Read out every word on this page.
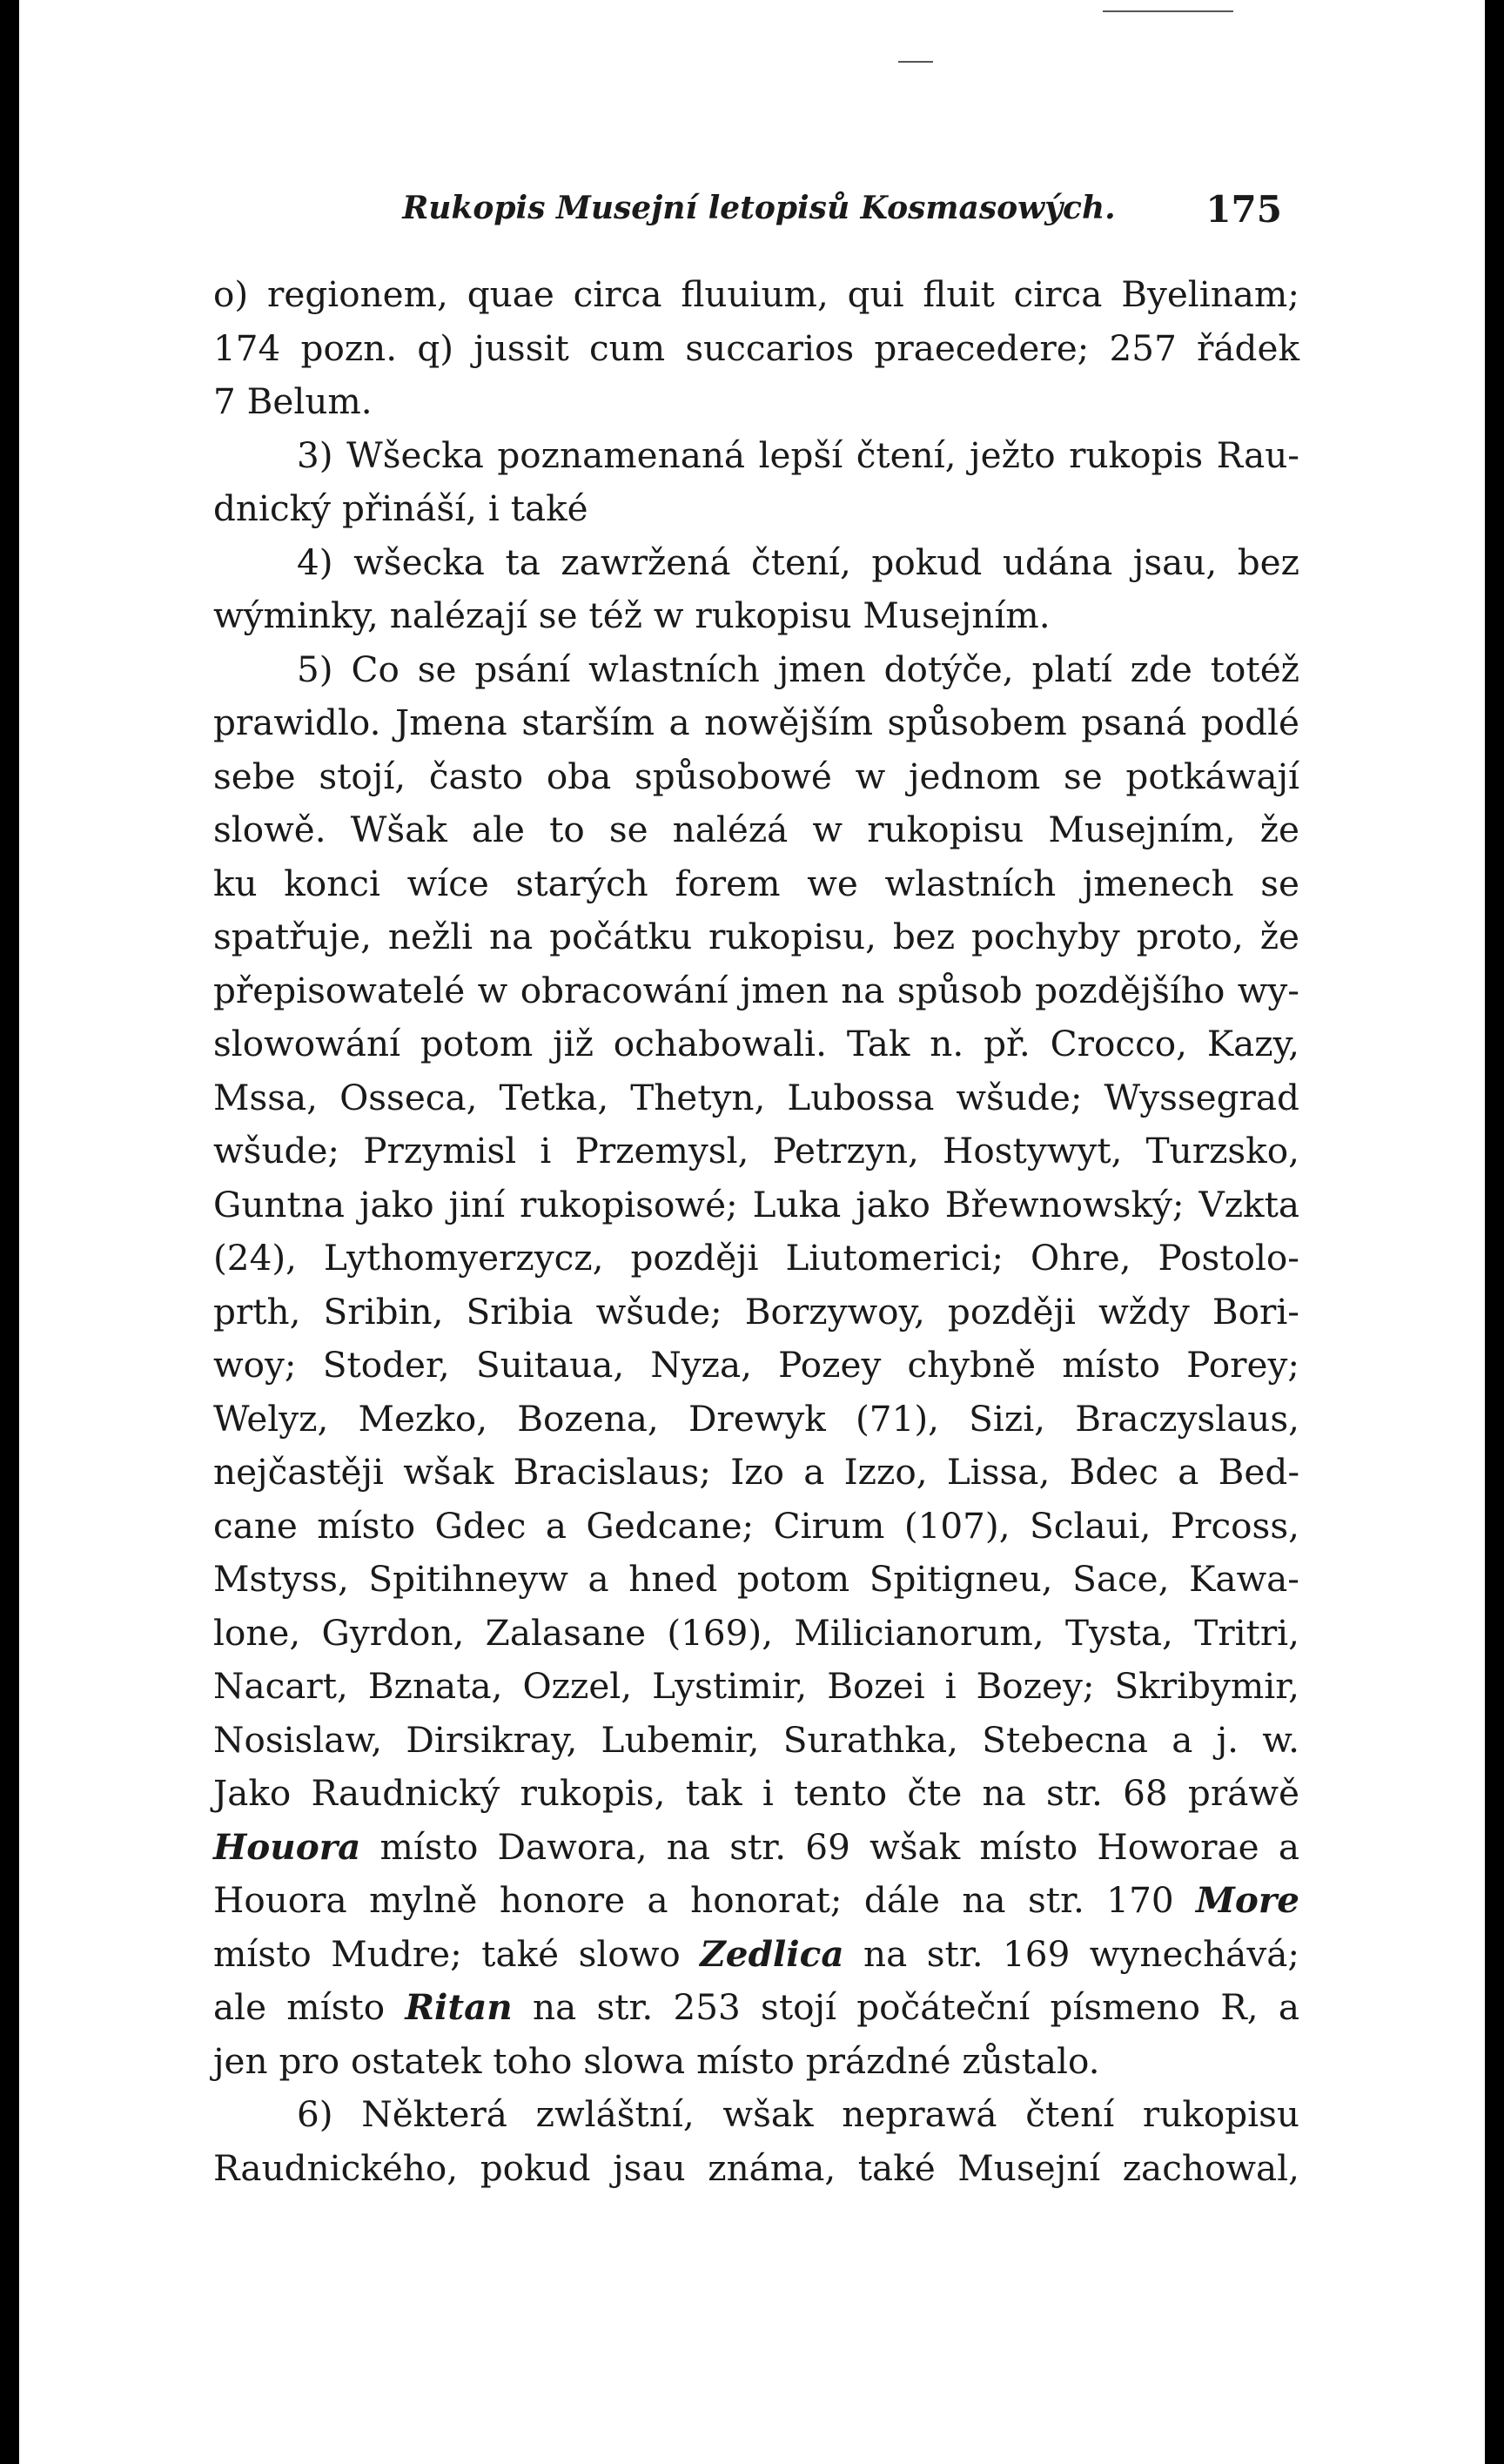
Rukopis Musejní letopisů Kosmasowých.	175
o) regionem, quae circa fluuium, qui fluit circa Byelinam;
174 pozn. q) jussit cum succarios praecedere; 257 řádek
7 Belum.
3) Wšecka poznamenaná lepší čtení, ježto rukopis Rau-
dnický přináší, i také
4) wšecka ta zawržená čtení, pokud udána jsau, bez
wýminky, nalézají se též w rukopisu Musejním.
5) Co se psání wlastních jmen dotýče, platí zde totéž
prawidlo. Jmena starším a nowějším spůsobem psaná podlé
sebe stojí, často oba spůsobowé w jednom se potkáwají
slowě. Wšak ale to se nalézá w rukopisu Musejním, že
ku konci wíce starých forem we wlastních jmenech se
spatřuje, nežli na počátku rukopisu, bez pochyby proto, že
přepisowatelé w obracowání jmen na spůsob pozdějšího wy-
slowowání potom již ochabowali. Tak n. př. Crocco, Kazy,
Mssa, Osseca, Tetka, Thetyn, Lubossa wšude; Wyssegrad
wšude; Przymisl i Przemysl, Petrzyn, Hostywyt, Turzsko,
Guntna jako jiní rukopisowé; Luka jako Břewnowský; Vzkta
(24), Lythomyerzycz, později Liutomerici; Ohre, Postolo-
prth, Sribin, Sribia wšude; Borzywoy, později wždy Bori-
woy; Stoder, Suitaua, Nyza, Pozey chybně místo Porey;
Welyz, Mezko, Bozena, Drewyk (71), Sizi, Braczyslaus,
nejčastěji wšak Bracislaus; Izo a Izzo, Lissa, Bdec a Bed-
cane místo Gdec a Gedcane; Cirum (107), Sclaui, Prcoss,
Mstyss, Spitihneyw a hned potom Spitigneu, Sace, Kawa-
lone, Gyrdon, Zalasane (169), Milicianorum, Tysta, Tritri,
Nacart, Bznata, Ozzel, Lystimir, Bozei i Bozey; Skribymir,
Nosislaw, Dirsikray, Lubemir, Surathka, Stebecna a j. w.
Jako Raudnický rukopis, tak i tento čte na str. 68 práwě
Houora místo Dawora, na str. 69 wšak místo Howorae a
Houora mylně honore a honorat; dále na str. 170 More
místo Mudre; také slowo Zedlica na str. 169 wynechává;
ale místo Ritan na str. 253 stojí počáteční písmeno R, a
jen pro ostatek toho slowa místo prázdné zůstalo.
6) Některá zwláštní, wšak neprawá čtení rukopisu
Raudnického, pokud jsau známa, také Musejní zachowal,
